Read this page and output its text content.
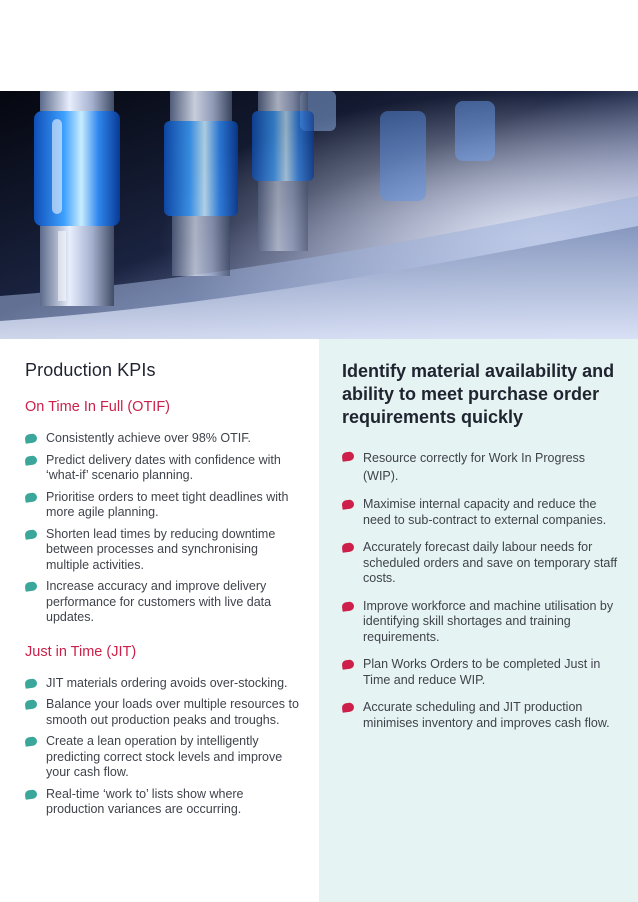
Production KPIs
On Time In Full (OTIF)
Consistently achieve over 98% OTIF.
Predict delivery dates with confidence with ‘what-if’ scenario planning.
Prioritise orders to meet tight deadlines with more agile planning.
Shorten lead times by reducing downtime between processes and synchronising multiple activities.
Increase accuracy and improve delivery performance for customers with live data updates.
Just in Time (JIT)
JIT materials ordering avoids over-stocking.
Balance your loads over multiple resources to smooth out production peaks and troughs.
Create a lean operation by intelligently predicting correct stock levels and improve your cash flow.
Real-time ‘work to’ lists show where production variances are occurring.
Identify material availability and ability to meet purchase order requirements quickly
Resource correctly for Work In Progress (WIP).
Maximise internal capacity and reduce the need to sub-contract to external companies.
Accurately forecast daily labour needs for scheduled orders and save on temporary staff costs.
Improve workforce and machine utilisation by identifying skill shortages and training requirements.
Plan Works Orders to be completed Just in Time and reduce WIP.
Accurate scheduling and JIT production minimises inventory and improves cash flow.
